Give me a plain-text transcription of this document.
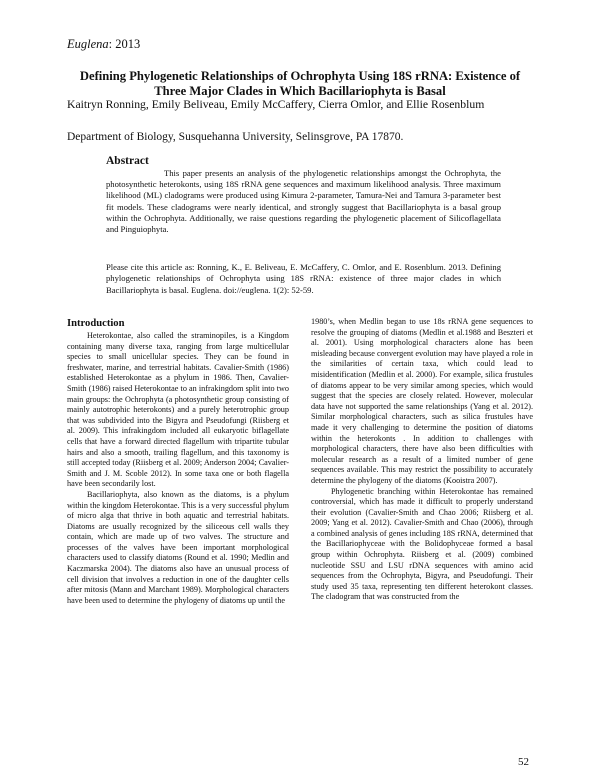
Euglena: 2013
Defining Phylogenetic Relationships of Ochrophyta Using 18S rRNA: Existence of Three Major Clades in Which Bacillariophyta is Basal
Kaitryn Ronning, Emily Beliveau, Emily McCaffery, Cierra Omlor, and Ellie Rosenblum
Department of Biology, Susquehanna University, Selinsgrove, PA 17870.
Abstract

This paper presents an analysis of the phylogenetic relationships amongst the Ochrophyta, the photosynthetic heterokonts, using 18S rRNA gene sequences and maximum likelihood analysis. Three maximum likelihood (ML) cladograms were produced using Kimura 2-parameter, Tamura-Nei and Tamura 3-parameter best fit models. These cladograms were nearly identical, and strongly suggest that Bacillariophyta is a basal group within the Ochrophyta. Additionally, we raise questions regarding the phylogenetic placement of Silicoflagellata and Pinguiophyta.

Please cite this article as: Ronning, K., E. Beliveau, E. McCaffery, C. Omlor, and E. Rosenblum. 2013. Defining phylogenetic relationships of Ochrophyta using 18S rRNA: existence of three major clades in which Bacillariophyta is basal. Euglena. doi://euglena. 1(2): 52-59.

Introduction

Heterokontae, also called the straminopiles, is a Kingdom containing many diverse taxa, ranging from large multicellular species to small unicellular species. They can be found in freshwater, marine, and terrestrial habitats. Cavalier-Smith (1986) established Heterokontae as a phylum in 1986. Then, Cavalier-Smith (1986) raised Heterokontae to an infrakingdom split into two main groups: the Ochrophyta (a photosynthetic group consisting of mainly autotrophic heterokonts) and a purely heterotrophic group that was subdivided into the Bigyra and Pseudofungi (Riisberg et al. 2009). This infrakingdom included all eukaryotic biflagellate cells that have a forward directed flagellum with tripartite tubular hairs and also a smooth, trailing flagellum, and this taxonomy is still accepted today (Riisberg et al. 2009; Anderson 2004; Cavalier-Smith and J. M. Scoble 2012). In some taxa one or both flagella have been secondarily lost.

Bacillariophyta, also known as the diatoms, is a phylum within the kingdom Heterokontae. This is a very successful phylum of micro alga that thrive in both aquatic and terrestrial habitats. Diatoms are usually recognized by the siliceous cell walls they contain, which are made up of two valves. The structure and processes of the valves have been important morphological characters used to classify diatoms (Round et al. 1990; Medlin and Kaczmarska 2004). The diatoms also have an unusual process of cell division that involves a reduction in one of the daughter cells after mitosis (Mann and Marchant 1989). Morphological characters have been used to determine the phylogeny of diatoms up until the

1980’s, when Medlin began to use 18s rRNA gene sequences to resolve the grouping of diatoms (Medlin et al.1988 and Beszteri et al. 2001). Using morphological characters alone has been misleading because convergent evolution may have played a role in the similarities of certain taxa, which could lead to misidentification (Medlin et al. 2000). For example, silica frustules of diatoms appear to be very similar among species, which would suggest that the species are closely related. However, molecular data have not supported the same relationships (Yang et al. 2012). Similar morphological characters, such as silica frustules have made it very challenging to determine the position of diatoms within the heterokonts . In addition to challenges with morphological characters, there have also been difficulties with molecular research as a result of a limited number of gene sequences available. This may restrict the possibility to accurately determine the phylogeny of the diatoms (Kooistra 2007).

Phylogenetic branching within Heterokontae has remained controversial, which has made it difficult to properly understand their evolution (Cavalier-Smith and Chao 2006; Riisberg et al. 2009; Yang et al. 2012). Cavalier-Smith and Chao (2006), through a combined analysis of genes including 18S rRNA, determined that the Bacillariophyceae with the Bolidophyceae formed a basal group within Ochrophyta. Riisberg et al. (2009) combined nucleotide SSU and LSU rDNA sequences with amino acid sequences from the Ochrophyta, Bigyra, and Pseudofungi. Their study used 35 taxa, representing ten different heterokont classes. The cladogram that was constructed from the

52
